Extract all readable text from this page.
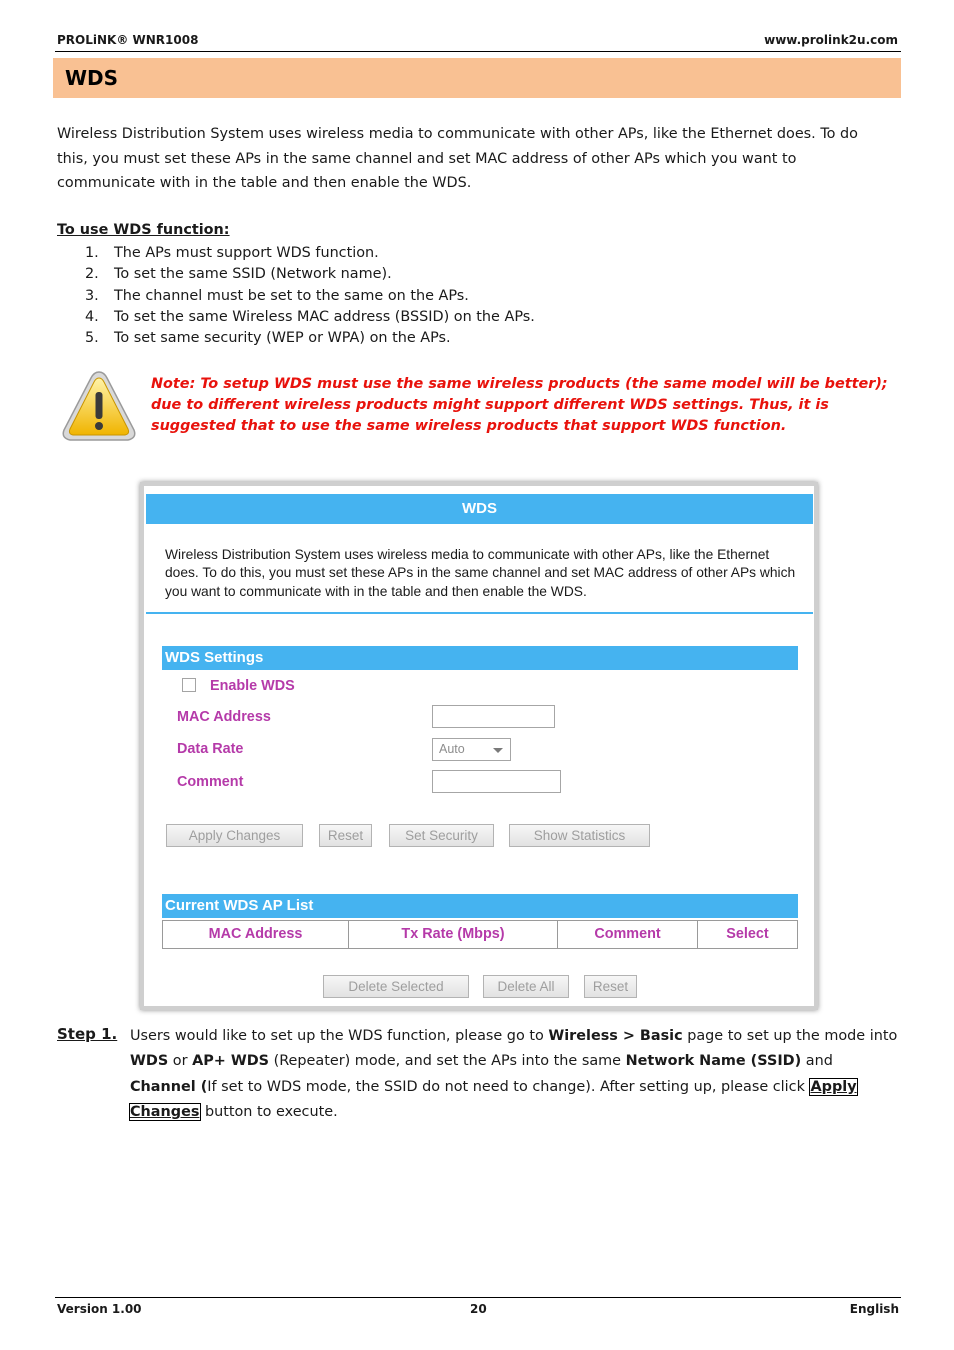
PROLiNK® WNR1008	www.prolink2u.com
WDS

Wireless Distribution System uses wireless media to communicate with other APs, like the Ethernet does. To do this, you must set these APs in the same channel and set MAC address of other APs which you want to communicate with in the table and then enable the WDS.

To use WDS function:
1. The APs must support WDS function.
2. To set the same SSID (Network name).
3. The channel must be set to the same on the APs.
4. To set the same Wireless MAC address (BSSID) on the APs.
5. To set same security (WEP or WPA) on the APs.

Note: To setup WDS must use the same wireless products (the same model will be better); due to different wireless products might support different WDS settings. Thus, it is suggested that to use the same wireless products that support WDS function.

WDS

Wireless Distribution System uses wireless media to communicate with other APs, like the Ethernet does. To do this, you must set these APs in the same channel and set MAC address of other APs which you want to communicate with in the table and then enable the WDS.

WDS Settings
Enable WDS
MAC Address
Data Rate	Auto
Comment
Apply Changes	Reset	Set Security	Show Statistics
Current WDS AP List
MAC Address	Tx Rate (Mbps)	Comment	Select
Delete Selected	Delete All	Reset
Step 1. Users would like to set up the WDS function, please go to Wireless > Basic page to set up the mode into WDS or AP+ WDS (Repeater) mode, and set the APs into the same Network Name (SSID) and Channel (If set to WDS mode, the SSID do not need to change). After setting up, please click Apply Changes button to execute.

Version 1.00	20	English
